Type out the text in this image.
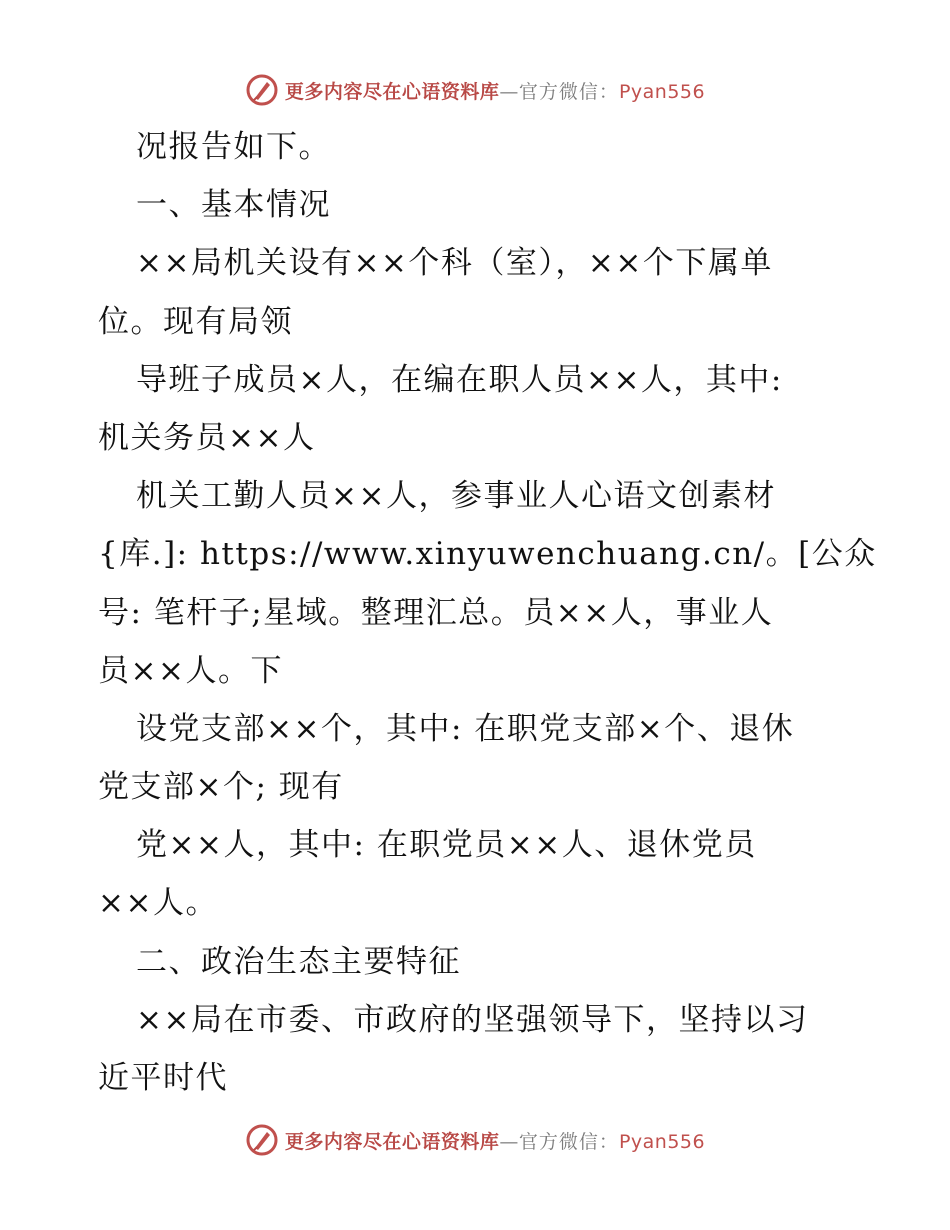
更多内容尽在心语资料库—官方微信：Pyan556
况报告如下。
一、基本情况
××局机关设有××个科（室），××个下属单
位。现有局领
导班子成员×人，在编在职人员××人，其中:
机关务员××人
机关工勤人员××人，参事业人心语文创素材
{库.]: https://www.xinyuwenchuang.cn/。[公众
号: 笔杆子;星域。整理汇总。员××人，事业人
员××人。下
设党支部××个，其中: 在职党支部×个、退休
党支部×个; 现有
党××人，其中: 在职党员××人、退休党员
××人。
二、政治生态主要特征
××局在市委、市政府的坚强领导下，坚持以习
近平时代
更多内容尽在心语资料库—官方微信：Pyan556
